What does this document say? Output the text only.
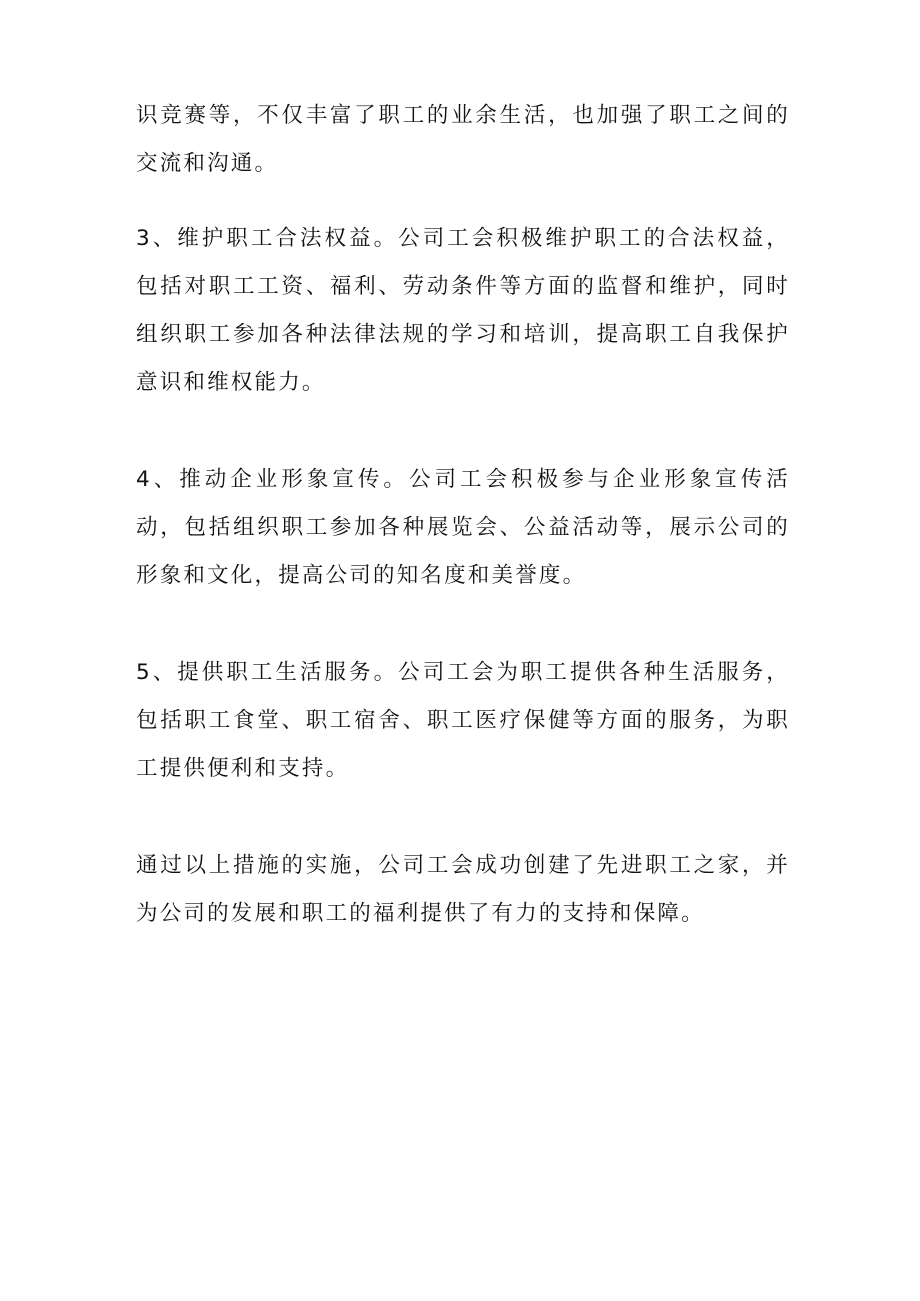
识竞赛等，不仅丰富了职工的业余生活，也加强了职工之间的交流和沟通。

3、维护职工合法权益。公司工会积极维护职工的合法权益，包括对职工工资、福利、劳动条件等方面的监督和维护，同时组织职工参加各种法律法规的学习和培训，提高职工自我保护意识和维权能力。

4、推动企业形象宣传。公司工会积极参与企业形象宣传活动，包括组织职工参加各种展览会、公益活动等，展示公司的形象和文化，提高公司的知名度和美誉度。

5、提供职工生活服务。公司工会为职工提供各种生活服务，包括职工食堂、职工宿舍、职工医疗保健等方面的服务，为职工提供便利和支持。

通过以上措施的实施，公司工会成功创建了先进职工之家，并为公司的发展和职工的福利提供了有力的支持和保障。
